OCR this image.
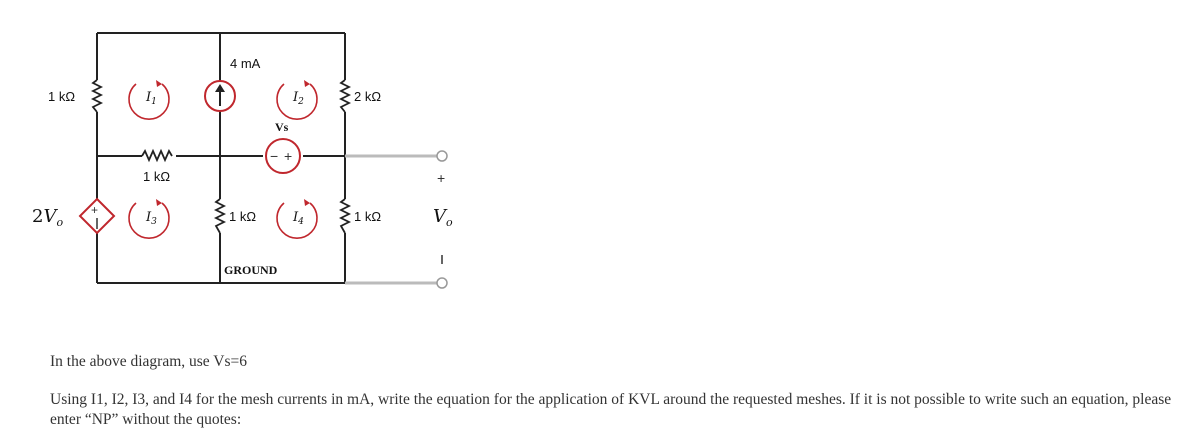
− +
+
$I_1$	$I_2$
$I_3$	$I_4$
1 kΩ
1 kΩ
1 kΩ	1 kΩ
2 kΩ
4 mA
Vs
GROUND
$2V_o$
+
$V_o$

In the above diagram, use Vs=6

Using I1, I2, I3, and I4 for the mesh currents in mA, write the equation for the application of KVL around the requested meshes. If it is not possible to write such an equation, please enter “NP” without the quotes:
